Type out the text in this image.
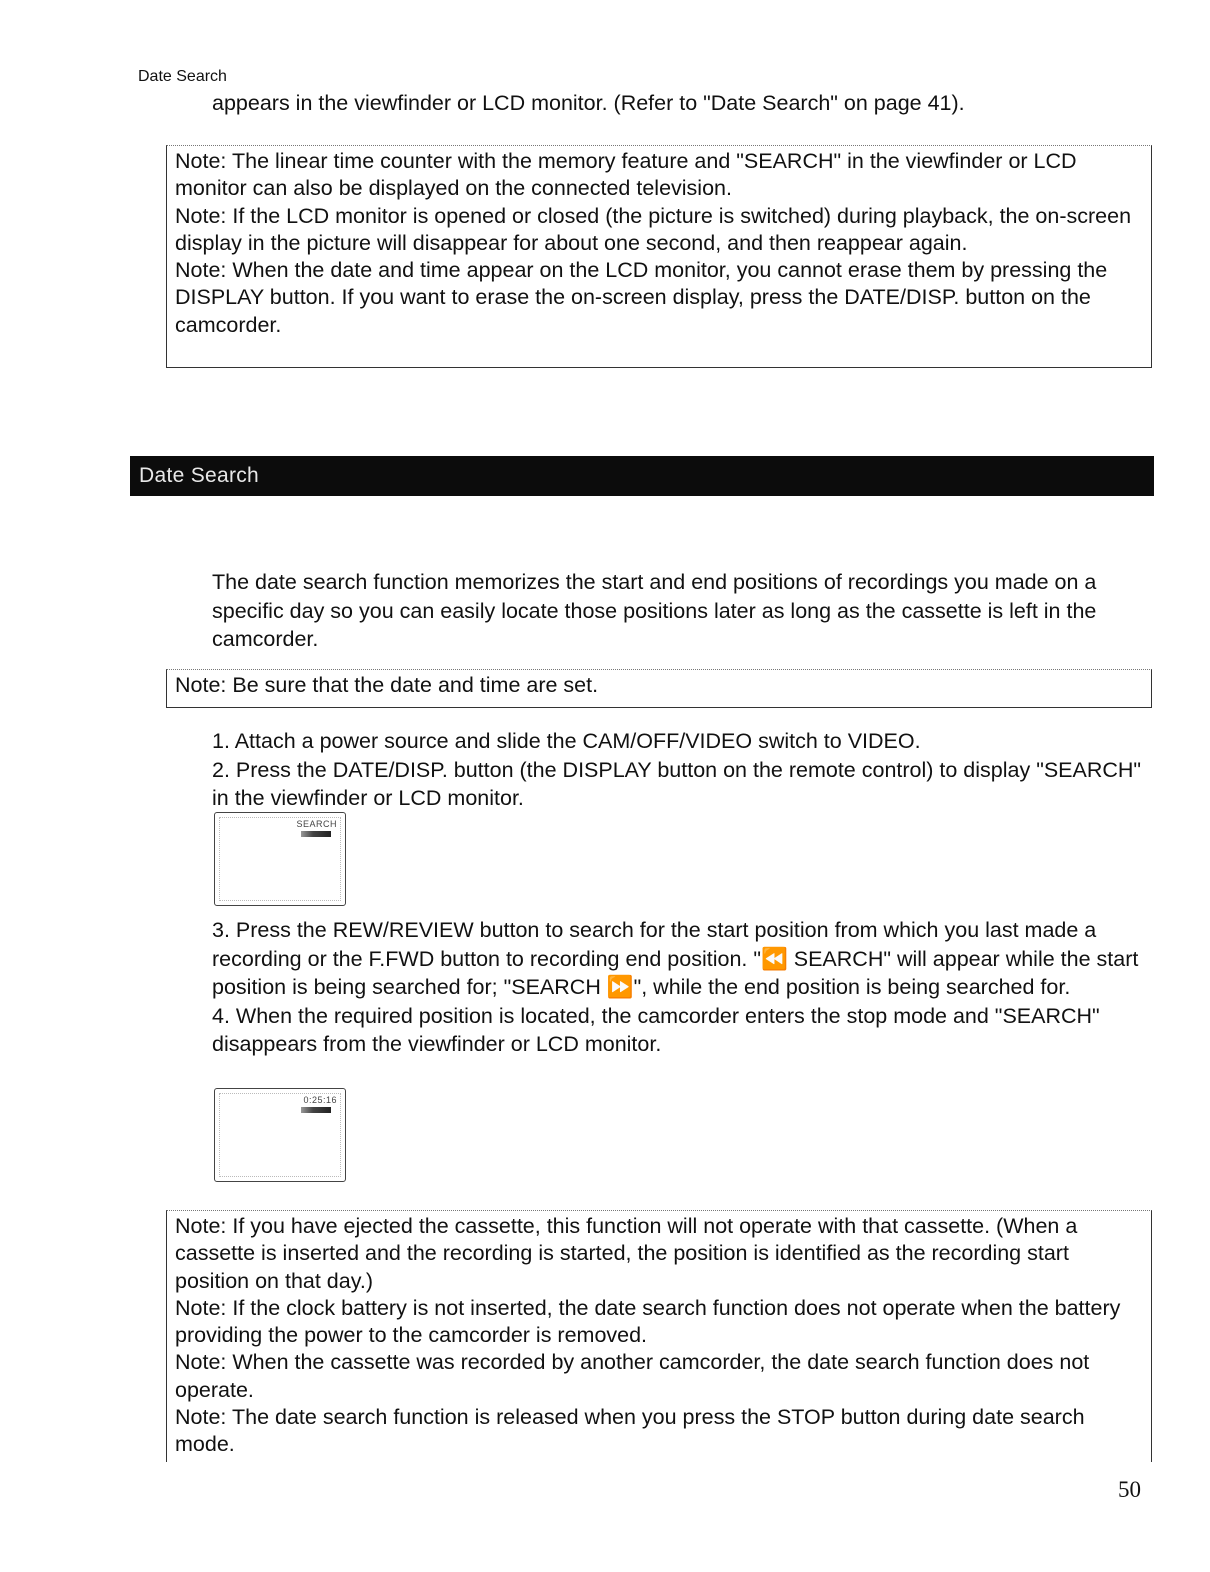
Date Search
appears in the viewfinder or LCD monitor. (Refer to "Date Search" on page 41).

Note: The linear time counter with the memory feature and "SEARCH" in the viewfinder or LCD monitor can also be displayed on the connected television.

Note: If the LCD monitor is opened or closed (the picture is switched) during playback, the on-screen display in the picture will disappear for about one second, and then reappear again.

Note: When the date and time appear on the LCD monitor, you cannot erase them by pressing the DISPLAY button. If you want to erase the on-screen display, press the DATE/DISP. button on the camcorder.

Date Search

The date search function memorizes the start and end positions of recordings you made on a specific day so you can easily locate those positions later as long as the cassette is left in the camcorder.

Note: Be sure that the date and time are set.

1. Attach a power source and slide the CAM/OFF/VIDEO switch to VIDEO.

2. Press the DATE/DISP. button (the DISPLAY button on the remote control) to display "SEARCH" in the viewfinder or LCD monitor.

SEARCH

3. Press the REW/REVIEW button to search for the start position from which you last made a recording or the F.FWD button to recording end position. "⏪ SEARCH" will appear while the start position is being searched for; "SEARCH ⏩", while the end position is being searched for.

4. When the required position is located, the camcorder enters the stop mode and "SEARCH" disappears from the viewfinder or LCD monitor.

0:25:16

Note: If you have ejected the cassette, this function will not operate with that cassette. (When a cassette is inserted and the recording is started, the position is identified as the recording start position on that day.)

Note: If the clock battery is not inserted, the date search function does not operate when the battery providing the power to the camcorder is removed.

Note: When the cassette was recorded by another camcorder, the date search function does not operate.

Note: The date search function is released when you press the STOP button during date search mode.

50
